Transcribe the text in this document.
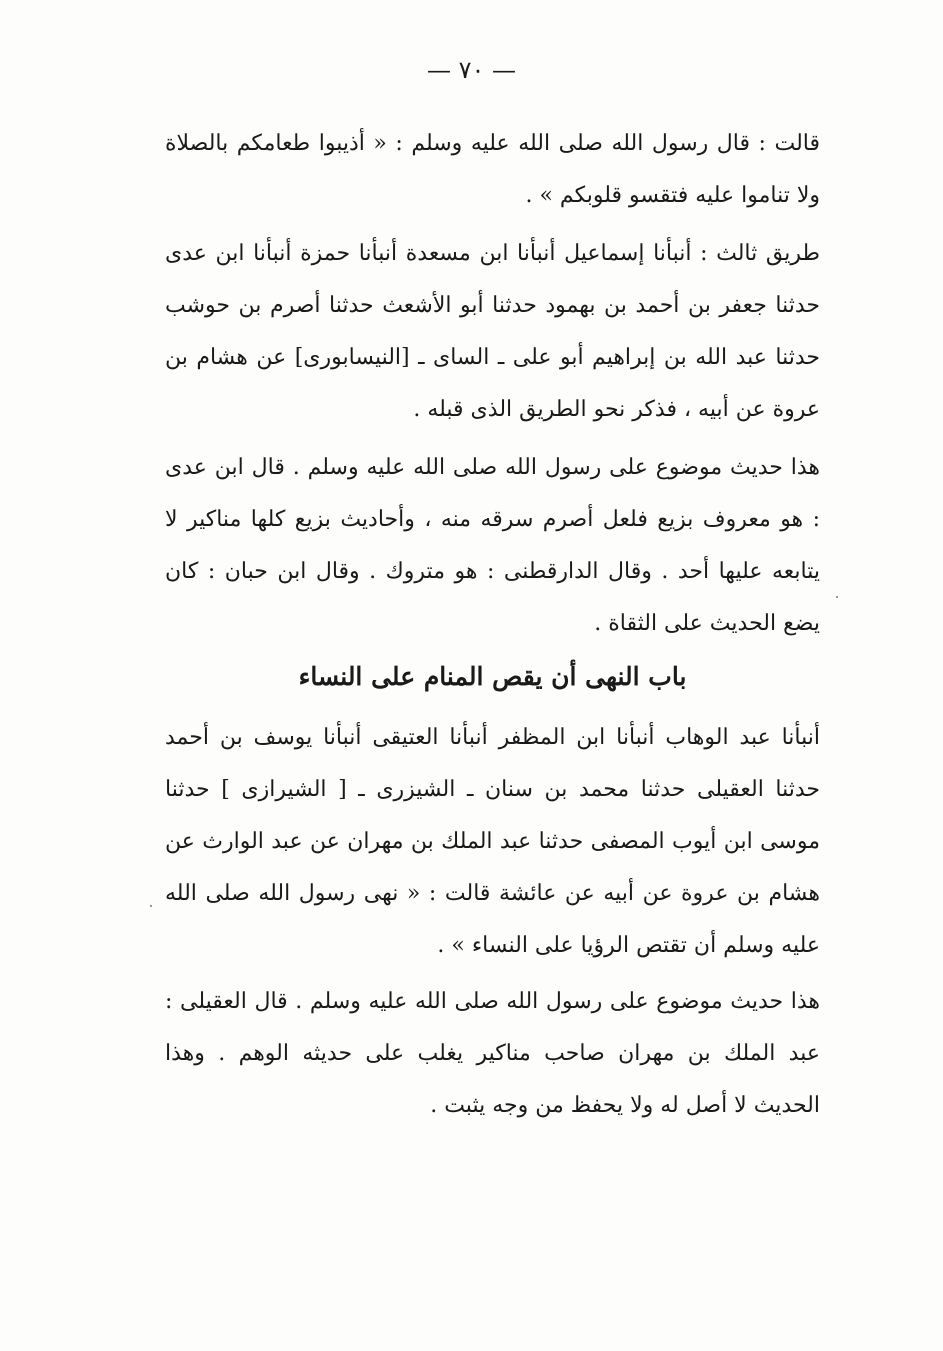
— ٧٠ —

قالت : قال رسول الله صلى الله عليه وسلم : « أذيبوا طعامكم بالصلاة ولا تناموا عليه فتقسو قلوبكم » .

طريق ثالث : أنبأنا إسماعيل أنبأنا ابن مسعدة أنبأنا حمزة أنبأنا ابن عدى حدثنا جعفر بن أحمد بن بهمود حدثنا أبو الأشعث حدثنا أصرم بن حوشب حدثنا عبد الله بن إبراهيم أبو على ـ الساى ـ [النيسابورى] عن هشام بن عروة عن أبيه ، فذكر نحو الطريق الذى قبله .

هذا حديث موضوع على رسول الله صلى الله عليه وسلم . قال ابن عدى : هو معروف بزيع فلعل أصرم سرقه منه ، وأحاديث بزيع كلها مناكير لا يتابعه عليها أحد . وقال الدارقطنى : هو متروك . وقال ابن حبان : كان يضع الحديث على الثقاة .

باب النهى أن يقص المنام على النساء

أنبأنا عبد الوهاب أنبأنا ابن المظفر أنبأنا العتيقى أنبأنا يوسف بن أحمد حدثنا العقيلى حدثنا محمد بن سنان ـ الشيزرى ـ [ الشيرازى ] حدثنا موسى ابن أيوب المصفى حدثنا عبد الملك بن مهران عن عبد الوارث عن هشام بن عروة عن أبيه عن عائشة قالت : « نهى رسول الله صلى الله عليه وسلم أن تقتص الرؤيا على النساء » .

هذا حديث موضوع على رسول الله صلى الله عليه وسلم . قال العقيلى : عبد الملك بن مهران صاحب مناكير يغلب على حديثه الوهم . وهذا الحديث لا أصل له ولا يحفظ من وجه يثبت .
